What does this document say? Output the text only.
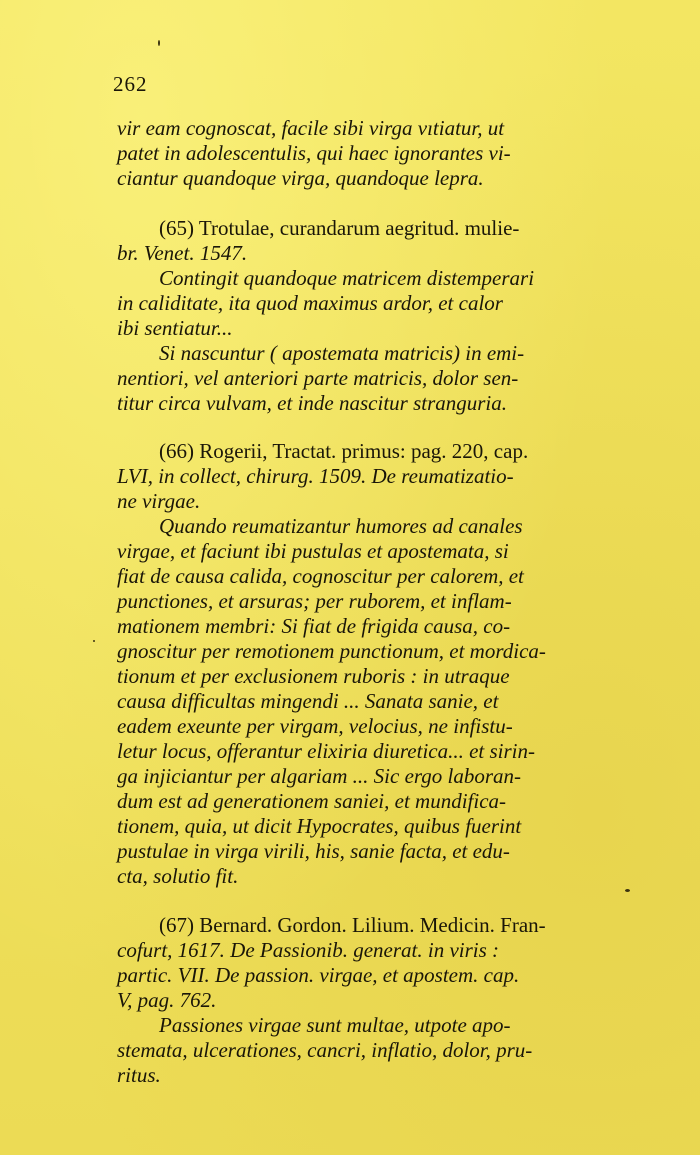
262
vir eam cognoscat, facile sibi virga vıtiatur, ut
patet in adolescentulis, qui haec ignorantes vi-
ciantur quandoque virga, quandoque lepra.
(65) Trotulae, curandarum aegritud. mulie-
br. Venet. 1547.
Contingit quandoque matricem distemperari
in caliditate, ita quod maximus ardor, et calor
ibi sentiatur...
Si nascuntur ( apostemata matricis) in emi-
nentiori, vel anteriori parte matricis, dolor sen-
titur circa vulvam, et inde nascitur stranguria.
(66) Rogerii, Tractat. primus: pag. 220, cap.
LVI, in collect, chirurg. 1509. De reumatizatio-
ne virgae.
Quando reumatizantur humores ad canales
virgae, et faciunt ibi pustulas et apostemata, si
fiat de causa calida, cognoscitur per calorem, et
punctiones, et arsuras; per ruborem, et inflam-
mationem membri: Si fiat de frigida causa, co-
gnoscitur per remotionem punctionum, et mordica-
tionum et per exclusionem ruboris : in utraque
causa difficultas mingendi ... Sanata sanie, et
eadem exeunte per virgam, velocius, ne infistu-
letur locus, offerantur elixiria diuretica... et sirin-
ga injiciantur per algariam ... Sic ergo laboran-
dum est ad generationem saniei, et mundifica-
tionem, quia, ut dicit Hypocrates, quibus fuerint
pustulae in virga virili, his, sanie facta, et edu-
cta, solutio fit.
(67) Bernard. Gordon. Lilium. Medicin. Fran-
cofurt, 1617. De Passionib. generat. in viris :
partic. VII. De passion. virgae, et apostem. cap.
V, pag. 762.
Passiones virgae sunt multae, utpote apo-
stemata, ulcerationes, cancri, inflatio, dolor, pru-
ritus.
